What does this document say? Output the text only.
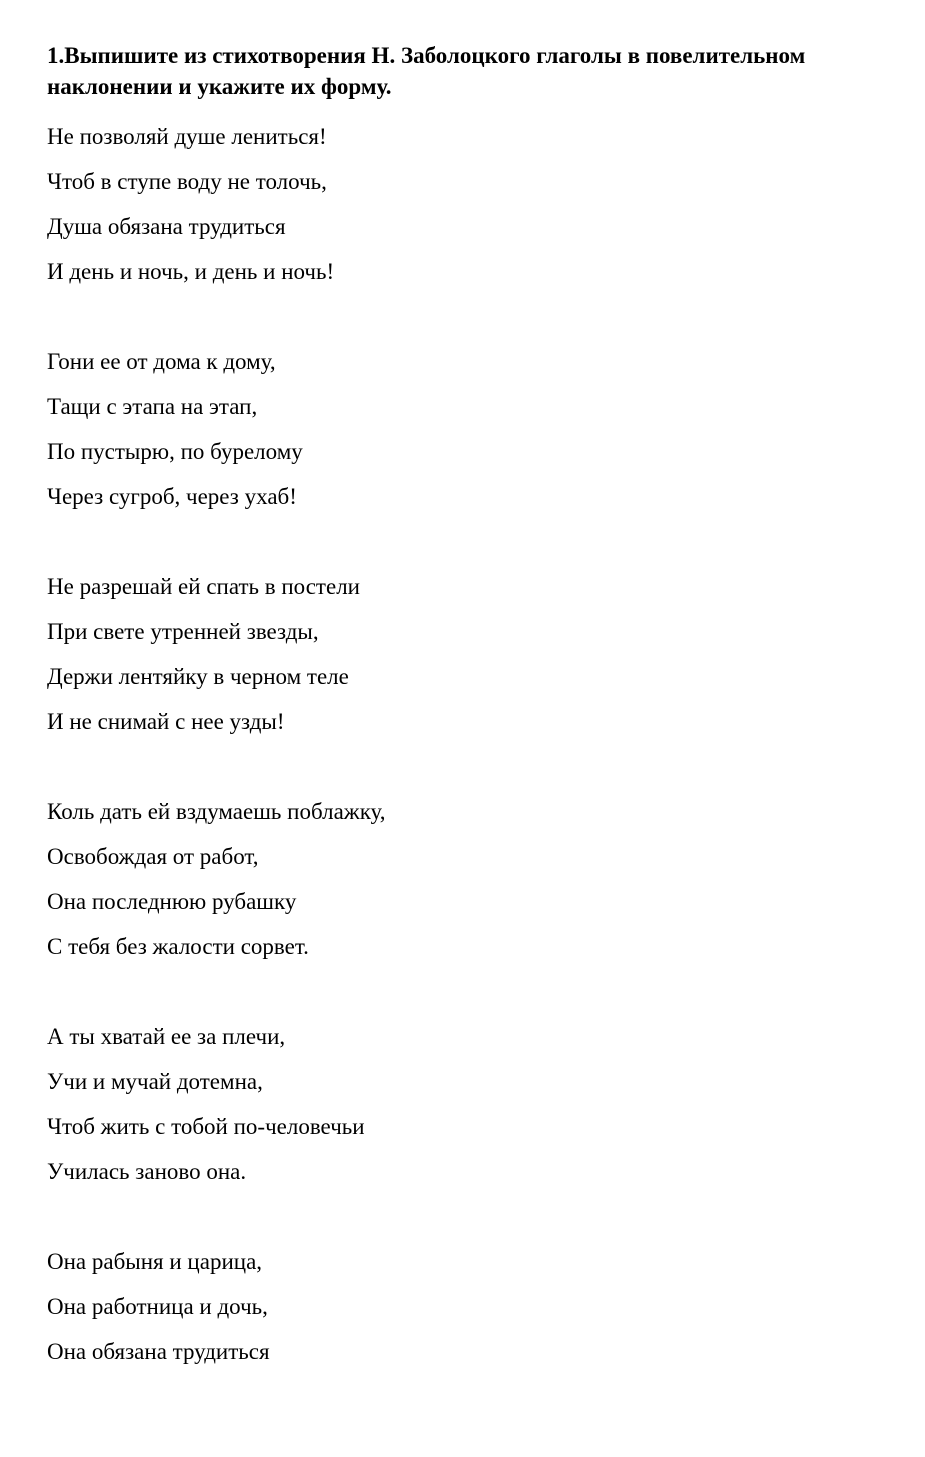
1.Выпишите из стихотворения Н. Заболоцкого глаголы в повелительном наклонении и укажите их форму.
Не позволяй душе лениться!
Чтоб в ступе воду не толочь,
Душа обязана трудиться
И день и ночь, и день и ночь!
Гони ее от дома к дому,
Тащи с этапа на этап,
По пустырю, по бурелому
Через сугроб, через ухаб!
Не разрешай ей спать в постели
При свете утренней звезды,
Держи лентяйку в черном теле
И не снимай с нее узды!
Коль дать ей вздумаешь поблажку,
Освобождая от работ,
Она последнюю рубашку
С тебя без жалости сорвет.
А ты хватай ее за плечи,
Учи и мучай дотемна,
Чтоб жить с тобой по-человечьи
Училась заново она.
Она рабыня и царица,
Она работница и дочь,
Она обязана трудиться
